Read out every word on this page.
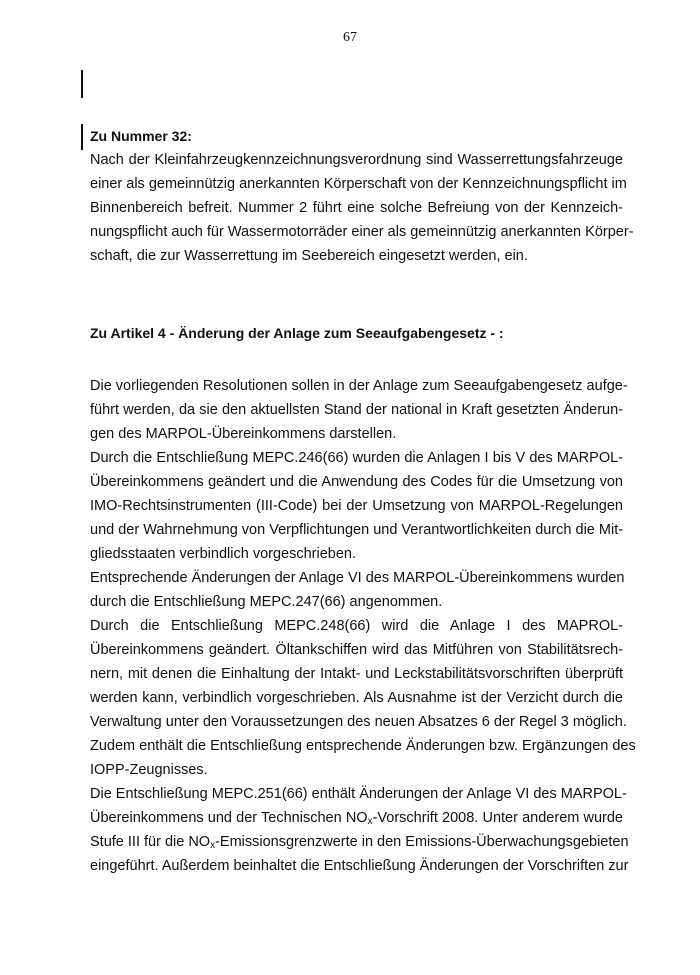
67
Zu Nummer 32:
Nach der Kleinfahrzeugkennzeichnungsverordnung sind Wasserrettungsfahrzeuge
einer als gemeinnützig anerkannten Körperschaft von der Kennzeichnungspflicht im
Binnenbereich befreit. Nummer 2 führt eine solche Befreiung von der Kennzeich-
nungspflicht auch für Wassermotorräder einer als gemeinnützig anerkannten Körper-
schaft, die zur Wasserrettung im Seebereich eingesetzt werden, ein.
Zu Artikel 4 - Änderung der Anlage zum Seeaufgabengesetz - :
Die vorliegenden Resolutionen sollen in der Anlage zum Seeaufgabengesetz aufge-
führt werden, da sie den aktuellsten Stand der national in Kraft gesetzten Änderun-
gen des MARPOL-Übereinkommens darstellen.
Durch die Entschließung MEPC.246(66) wurden die Anlagen I bis V des MARPOL-
Übereinkommens geändert und die Anwendung des Codes für die Umsetzung von
IMO-Rechtsinstrumenten (III-Code) bei der Umsetzung von MARPOL-Regelungen
und der Wahrnehmung von Verpflichtungen und Verantwortlichkeiten durch die Mit-
gliedsstaaten verbindlich vorgeschrieben.
Entsprechende Änderungen der Anlage VI des MARPOL-Übereinkommens wurden
durch die Entschließung MEPC.247(66) angenommen.
Durch die Entschließung MEPC.248(66) wird die Anlage I des MAPROL-
Übereinkommens geändert. Öltankschiffen wird das Mitführen von Stabilitätsrech-
nern, mit denen die Einhaltung der Intakt- und Leckstabilitätsvorschriften überprüft
werden kann, verbindlich vorgeschrieben. Als Ausnahme ist der Verzicht durch die
Verwaltung unter den Voraussetzungen des neuen Absatzes 6 der Regel 3 möglich.
Zudem enthält die Entschließung entsprechende Änderungen bzw. Ergänzungen des
IOPP-Zeugnisses.
Die Entschließung MEPC.251(66) enthält Änderungen der Anlage VI des MARPOL-
Übereinkommens und der Technischen $NO_x$-Vorschrift 2008. Unter anderem wurde
Stufe III für die $NO_x$-Emissionsgrenzwerte in den Emissions-Überwachungsgebieten
eingeführt. Außerdem beinhaltet die Entschließung Änderungen der Vorschriften zur
